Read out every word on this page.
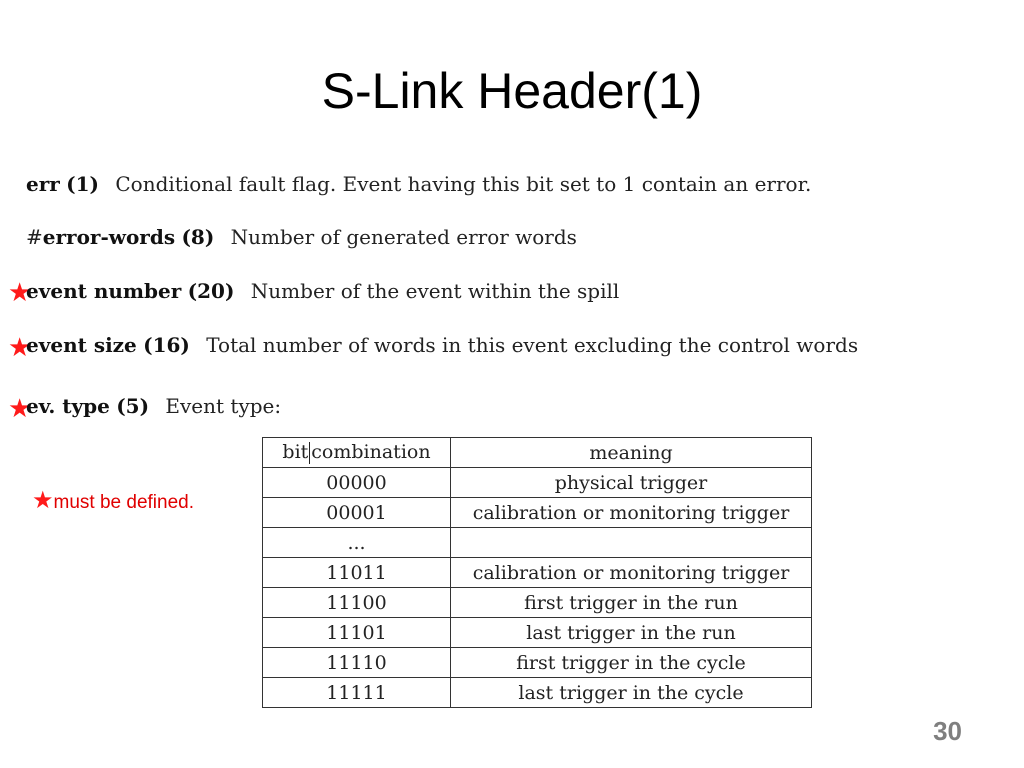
S-Link Header(1)
err (1) Conditional fault flag. Event having this bit set to 1 contain an error.
#error-words (8) Number of generated error words
★
event number (20) Number of the event within the spill
★
event size (16) Total number of words in this event excluding the control words
★
ev. type (5) Event type:
★must be defined.
bit combination	meaning
00000	physical trigger
00001	calibration or monitoring trigger
...	
11011	calibration or monitoring trigger
11100	first trigger in the run
11101	last trigger in the run
11110	first trigger in the cycle
11111	last trigger in the cycle
30
